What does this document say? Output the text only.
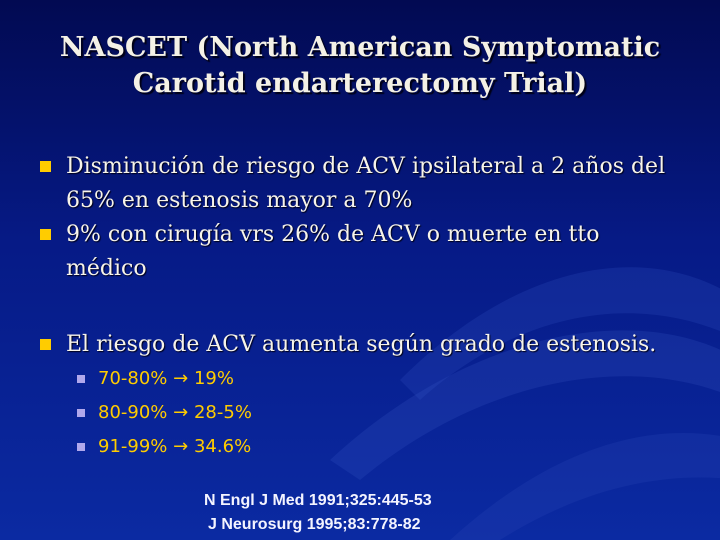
NASCET (North American Symptomatic
Carotid endarterectomy Trial)
Disminución de riesgo de ACV ipsilateral a 2 años del 65% en estenosis mayor a 70%
9% con cirugía vrs 26% de ACV o muerte en tto médico
El riesgo de ACV aumenta según grado de estenosis.
70-80% → 19%
80-90% → 28-5%
91-99% → 34.6%
N Engl J Med 1991;325:445-53
J Neurosurg 1995;83:778-82
